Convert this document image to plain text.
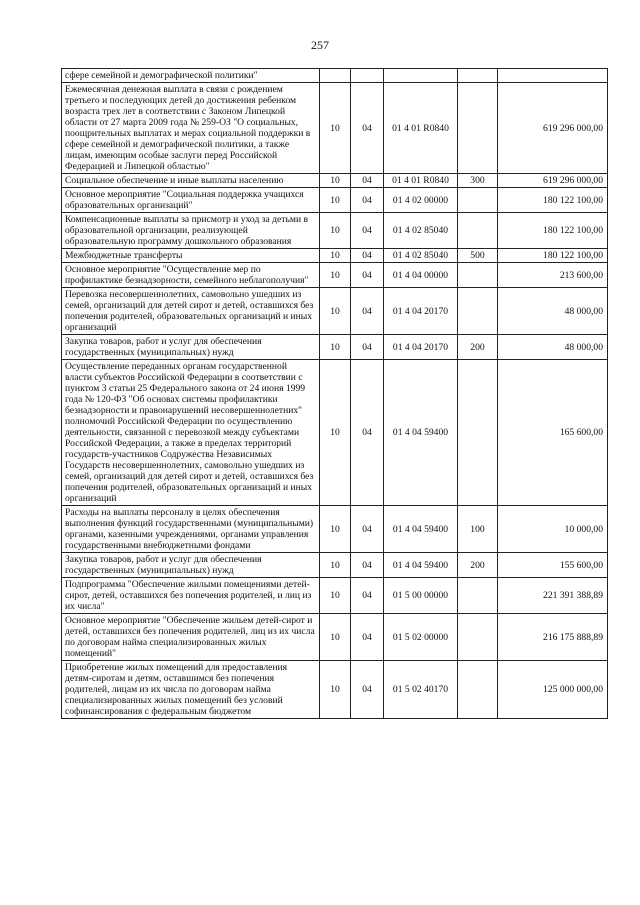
257
сфере семейной и демографической политики"					
Ежемесячная денежная выплата в связи с рождением третьего и последующих детей до достижения ребенком возраста трех лет в соответствии с Законом Липецкой области от 27 марта 2009 года № 259-ОЗ "О социальных, поощрительных выплатах и мерах социальной поддержки в сфере семейной и демографической политики, а также лицам, имеющим особые заслуги перед Российской Федерацией и Липецкой областью"	10	04	01 4 01 R0840		619 296 000,00
Социальное обеспечение и иные выплаты населению	10	04	01 4 01 R0840	300	619 296 000,00
Основное мероприятие "Социальная поддержка учащихся образовательных организаций"	10	04	01 4 02 00000		180 122 100,00
Компенсационные выплаты за присмотр и уход за детьми в образовательной организации, реализующей образовательную программу дошкольного образования	10	04	01 4 02 85040		180 122 100,00
Межбюджетные трансферты	10	04	01 4 02 85040	500	180 122 100,00
Основное мероприятие "Осуществление мер по профилактике безнадзорности, семейного неблагополучия"	10	04	01 4 04 00000		213 600,00
Перевозка несовершеннолетних, самовольно ушедших из семей, организаций для детей сирот и детей, оставшихся без попечения родителей, образовательных организаций и иных организаций	10	04	01 4 04 20170		48 000,00
Закупка товаров, работ и услуг для обеспечения государственных (муниципальных) нужд	10	04	01 4 04 20170	200	48 000,00
Осуществление переданных органам государственной власти субъектов Российской Федерации в соответствии с пунктом 3 статьи 25 Федерального закона от 24 июня 1999 года № 120-ФЗ "Об основах системы профилактики безнадзорности и правонарушений несовершеннолетних" полномочий Российской Федерации по осуществлению деятельности, связанной с перевозкой между субъектами Российской Федерации, а также в пределах территорий государств-участников Содружества Независимых Государств несовершеннолетних, самовольно ушедших из семей, организаций для детей сирот и детей, оставшихся без попечения родителей, образовательных организаций и иных организаций	10	04	01 4 04 59400		165 600,00
Расходы на выплаты персоналу в целях обеспечения выполнения функций государственными (муниципальными) органами, казенными учреждениями, органами управления государственными внебюджетными фондами	10	04	01 4 04 59400	100	10 000,00
Закупка товаров, работ и услуг для обеспечения государственных (муниципальных) нужд	10	04	01 4 04 59400	200	155 600,00
Подпрограмма "Обеспечение жилыми помещениями детей-сирот, детей, оставшихся без попечения родителей, и лиц из их числа"	10	04	01 5 00 00000		221 391 388,89
Основное мероприятие "Обеспечение жильем детей-сирот и детей, оставшихся без попечения родителей, лиц из их числа по договорам найма специализированных жилых помещений"	10	04	01 5 02 00000		216 175 888,89
Приобретение жилых помещений для предоставления детям-сиротам и детям, оставшимся без попечения родителей, лицам из их числа по договорам найма специализированных жилых помещений без условий софинансирования с федеральным бюджетом	10	04	01 5 02 40170		125 000 000,00
